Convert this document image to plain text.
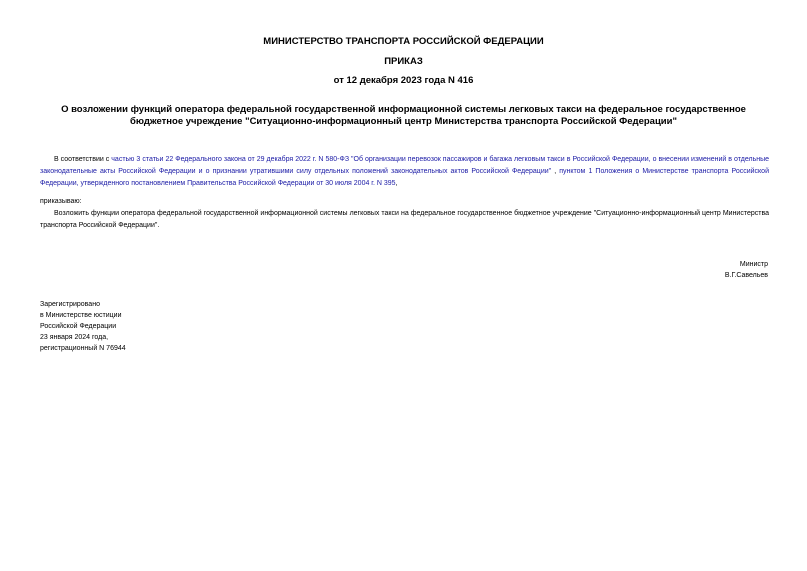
МИНИСТЕРСТВО ТРАНСПОРТА РОССИЙСКОЙ ФЕДЕРАЦИИ
ПРИКАЗ
от 12 декабря 2023 года N 416
О возложении функций оператора федеральной государственной информационной системы легковых такси на федеральное государственное бюджетное учреждение "Ситуационно-информационный центр Министерства транспорта Российской Федерации"
В соответствии с частью 3 статьи 22 Федерального закона от 29 декабря 2022 г. N 580-ФЗ "Об организации перевозок пассажиров и багажа легковым такси в Российской Федерации, о внесении изменений в отдельные законодательные акты Российской Федерации и о признании утратившими силу отдельных положений законодательных актов Российской Федерации" , пунктом 1 Положения о Министерстве транспорта Российской Федерации, утвержденного постановлением Правительства Российской Федерации от 30 июля 2004 г. N 395,
приказываю:
Возложить функции оператора федеральной государственной информационной системы легковых такси на федеральное государственное бюджетное учреждение "Ситуационно-информационный центр Министерства транспорта Российской Федерации".
Министр
В.Г.Савельев
Зарегистрировано
в Министерстве юстиции
Российской Федерации
23 января 2024 года,
регистрационный N 76944
